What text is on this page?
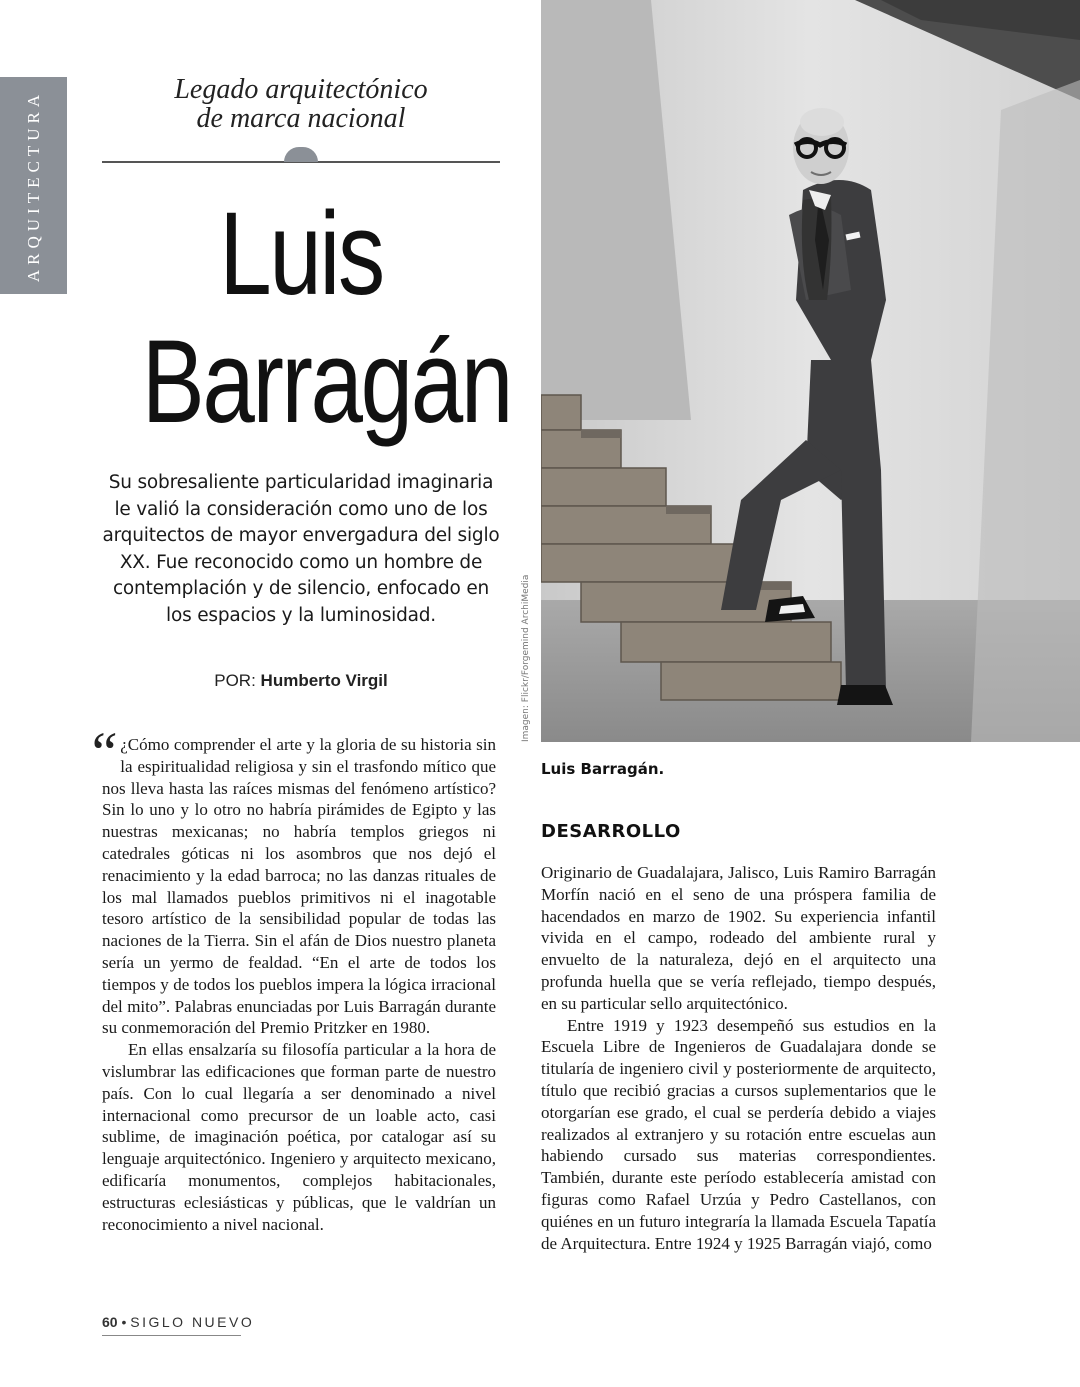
ARQUITECTURA	Legado arquitectónico
de marca nacional
Luis
Barragán
Su sobresaliente particularidad imaginaria le valió la consideración como uno de los arquitectos de mayor envergadura del siglo XX. Fue reconocido como un hombre de contemplación y de silencio, enfocado en los espacios y la luminosidad.
POR: Humberto Virgil	Imagen: Flickr/Forgemind ArchiMedia
Luis Barragán.
DESARROLLO

“ ¿Cómo comprender el arte y la gloria de su historia sin la espiritualidad religiosa y sin el trasfondo mítico que nos lleva hasta las raíces mismas del fenómeno artístico? Sin lo uno y lo otro no habría pirámides de Egipto y las nuestras mexicanas; no habría templos griegos ni catedrales góticas ni los asombros que nos dejó el renacimiento y la edad barroca; no las danzas rituales de los mal llamados pueblos primitivos ni el inagotable tesoro artístico de la sensibilidad popular de todas las naciones de la Tierra. Sin el afán de Dios nuestro planeta sería un yermo de fealdad. “En el arte de todos los tiempos y de todos los pueblos impera la lógica irracional del mito”. Palabras enunciadas por Luis Barragán durante su conmemoración del Premio Pritzker en 1980.

En ellas ensalzaría su filosofía particular a la hora de vislumbrar las edificaciones que forman parte de nuestro país. Con lo cual llegaría a ser denominado a nivel internacional como precursor de un loable acto, casi sublime, de imaginación poética, por catalogar así su lenguaje arquitectónico. Ingeniero y arquitecto mexicano, edificaría monumentos, complejos habitacionales, estructuras eclesiásticas y públicas, que le valdrían un reconocimiento a nivel nacional.

Originario de Guadalajara, Jalisco, Luis Ramiro Barragán Morfín nació en el seno de una próspera familia de hacendados en marzo de 1902. Su experiencia infantil vivida en el campo, rodeado del ambiente rural y envuelto de la naturaleza, dejó en el arquitecto una profunda huella que se vería reflejado, tiempo después, en su particular sello arquitectónico.

Entre 1919 y 1923 desempeñó sus estudios en la Escuela Libre de Ingenieros de Guadalajara donde se titularía de ingeniero civil y posteriormente de arquitecto, título que recibió gracias a cursos suplementarios que le otorgarían ese grado, el cual se perdería debido a viajes realizados al extranjero y su rotación entre escuelas aun habiendo cursado sus materias correspondientes. También, durante este período establecería amistad con figuras como Rafael Urzúa y Pedro Castellanos, con quiénes en un futuro integraría la llamada Escuela Tapatía de Arquitectura. Entre 1924 y 1925 Barragán viajó, como

60 • SIGLO NUEVO
